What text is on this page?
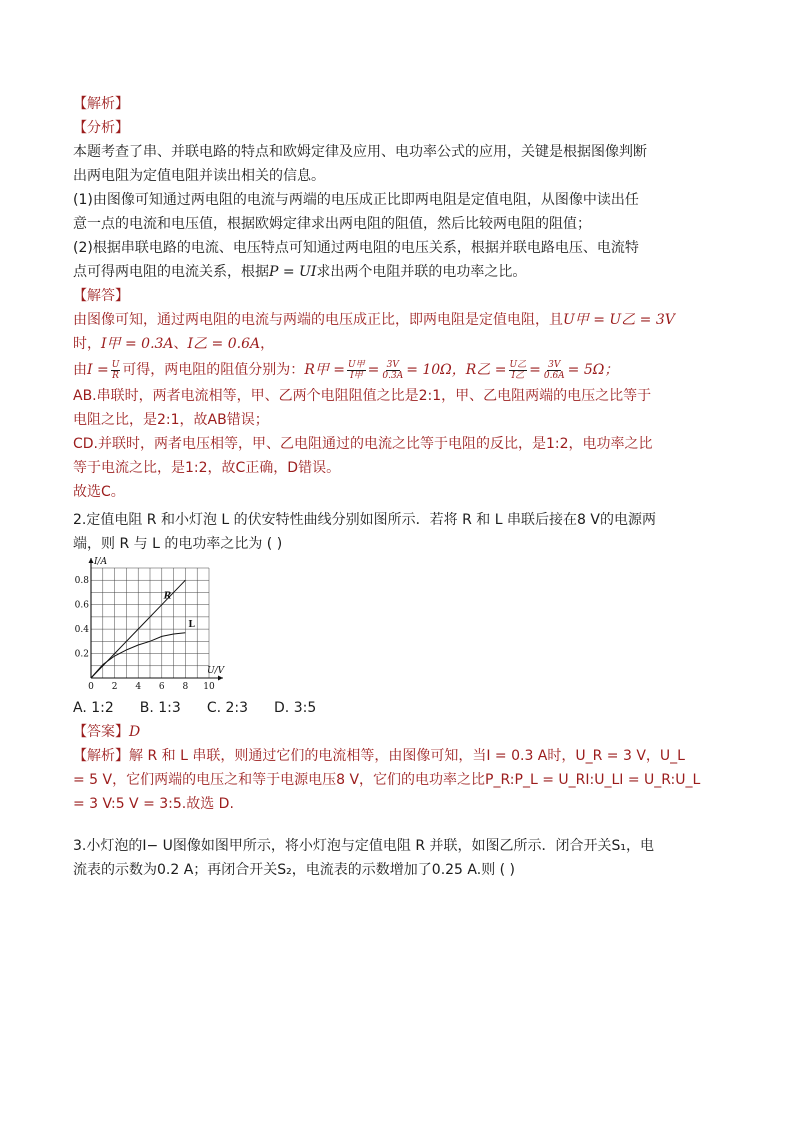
【解析】
【分析】
本题考查了串、并联电路的特点和欧姆定律及应用、电功率公式的应用，关键是根据图像判断
出两电阻为定值电阻并读出相关的信息。
(1)由图像可知通过两电阻的电流与两端的电压成正比即两电阻是定值电阻，从图像中读出任
意一点的电流和电压值，根据欧姆定律求出两电阻的阻值，然后比较两电阻的阻值；
(2)根据串联电路的电流、电压特点可知通过两电阻的电压关系，根据并联电路电压、电流特
点可得两电阻的电流关系，根据P = UI求出两个电阻并联的电功率之比。
【解答】
由图像可知，通过两电阻的电流与两端的电压成正比，即两电阻是定值电阻，且U甲 = U乙 = 3V
时，I甲 = 0.3A、I乙 = 0.6A，
由$I = \frac{U}{R}$ 可得，两电阻的阻值分别为：R甲 = $\frac{\text{U甲}}{\text{I甲}} = \frac{3V}{0.3A} = 10\Omega$，R乙 = $\frac{\text{U乙}}{\text{I乙}} = \frac{3V}{0.6A} = 5\Omega$；
AB.串联时，两者电流相等，甲、乙两个电阻阻值之比是2:1，甲、乙电阻两端的电压之比等于
电阻之比，是2:1，故AB错误；
CD.并联时，两者电压相等，甲、乙电阻通过的电流之比等于电阻的反比，是1:2，电功率之比
等于电流之比，是1:2，故C正确，D错误。
故选C。
2.定值电阻 R 和小灯泡 L 的伏安特性曲线分别如图所示．若将 R 和 L 串联后接在8 V的电源两
端，则 R 与 L 的电功率之比为 ( )
I/A
U/V
0 2 4 6 8 10
0.2
0.4
0.6
0.8
R
L
A. 1:2 B. 1:3 C. 2:3 D. 3:5
【答案】D
【解析】解 R 和 L 串联，则通过它们的电流相等，由图像可知，当I = 0.3 A时，U_R = 3 V，U_L
= 5 V，它们两端的电压之和等于电源电压8 V，它们的电功率之比P_R:P_L = U_RI:U_LI = U_R:U_L
= 3 V:5 V = 3:5.故选 D.
3.小灯泡的I− U图像如图甲所示，将小灯泡与定值电阻 R 并联，如图乙所示．闭合开关S₁，电
流表的示数为0.2 A；再闭合开关S₂，电流表的示数增加了0.25 A.则 ( )
